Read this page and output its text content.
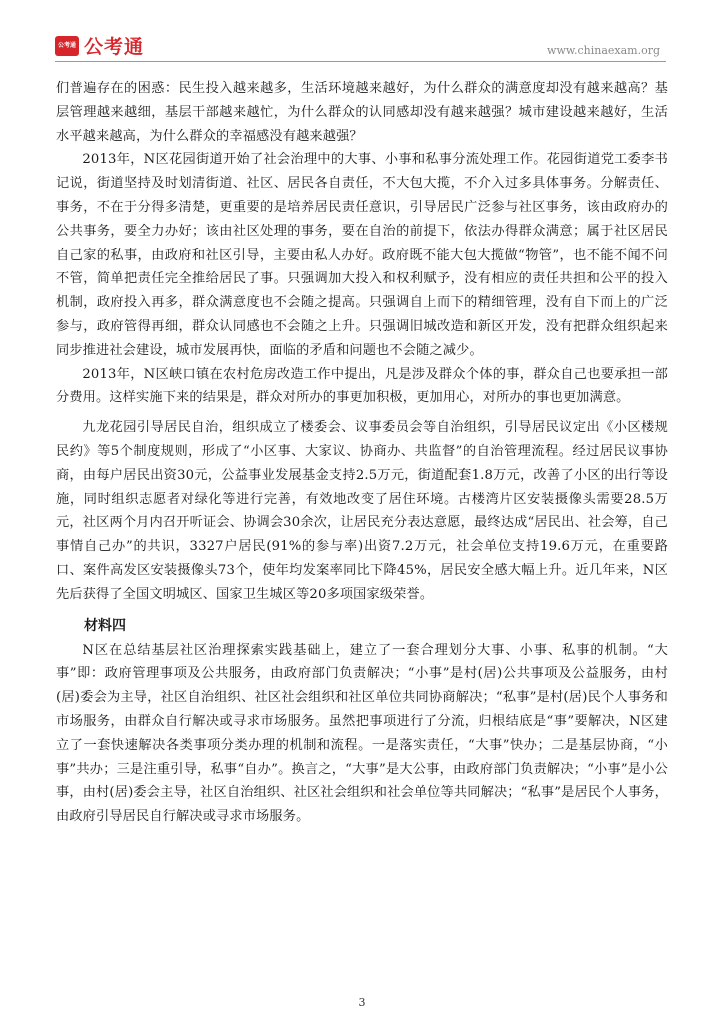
公考通 公考通	www.chinaexam.org

们普遍存在的困惑：民生投入越来越多，生活环境越来越好，为什么群众的满意度却没有越来越高？基层管理越来越细，基层干部越来越忙，为什么群众的认同感却没有越来越强？城市建设越来越好，生活水平越来越高，为什么群众的幸福感没有越来越强？

2013年，N区花园街道开始了社会治理中的大事、小事和私事分流处理工作。花园街道党工委李书记说，街道坚持及时划清街道、社区、居民各自责任，不大包大揽，不介入过多具体事务。分解责任、事务，不在于分得多清楚，更重要的是培养居民责任意识，引导居民广泛参与社区事务，该由政府办的公共事务，要全力办好；该由社区处理的事务，要在自治的前提下，依法办得群众满意；属于社区居民自己家的私事，由政府和社区引导，主要由私人办好。政府既不能大包大揽做“物管”，也不能不闻不问不管，简单把责任完全推给居民了事。只强调加大投入和权利赋予，没有相应的责任共担和公平的投入机制，政府投入再多，群众满意度也不会随之提高。只强调自上而下的精细管理，没有自下而上的广泛参与，政府管得再细，群众认同感也不会随之上升。只强调旧城改造和新区开发，没有把群众组织起来同步推进社会建设，城市发展再快，面临的矛盾和问题也不会随之减少。

2013年，N区峡口镇在农村危房改造工作中提出，凡是涉及群众个体的事，群众自己也要承担一部分费用。这样实施下来的结果是，群众对所办的事更加积极，更加用心，对所办的事也更加满意。

九龙花园引导居民自治，组织成立了楼委会、议事委员会等自治组织，引导居民议定出《小区楼规民约》等5个制度规则，形成了“小区事、大家议、协商办、共监督”的自治管理流程。经过居民议事协商，由每户居民出资30元，公益事业发展基金支持2.5万元，街道配套1.8万元，改善了小区的出行等设施，同时组织志愿者对绿化等进行完善，有效地改变了居住环境。古楼湾片区安装摄像头需要28.5万元，社区两个月内召开听证会、协调会30余次，让居民充分表达意愿，最终达成“居民出、社会筹，自己事情自己办”的共识，3327户居民(91%的参与率)出资7.2万元，社会单位支持19.6万元，在重要路口、案件高发区安装摄像头73个，使年均发案率同比下降45%，居民安全感大幅上升。近几年来，N区先后获得了全国文明城区、国家卫生城区等20多项国家级荣誉。

材料四

N区在总结基层社区治理探索实践基础上，建立了一套合理划分大事、小事、私事的机制。“大事”即：政府管理事项及公共服务，由政府部门负责解决；“小事”是村(居)公共事项及公益服务，由村(居)委会为主导，社区自治组织、社区社会组织和社区单位共同协商解决；“私事”是村(居)民个人事务和市场服务，由群众自行解决或寻求市场服务。虽然把事项进行了分流，归根结底是“事”要解决，N区建立了一套快速解决各类事项分类办理的机制和流程。一是落实责任，“大事”快办；二是基层协商，“小事”共办；三是注重引导，私事“自办”。换言之，“大事”是大公事，由政府部门负责解决；“小事”是小公事，由村(居)委会主导，社区自治组织、社区社会组织和社会单位等共同解决；“私事”是居民个人事务，由政府引导居民自行解决或寻求市场服务。

3
